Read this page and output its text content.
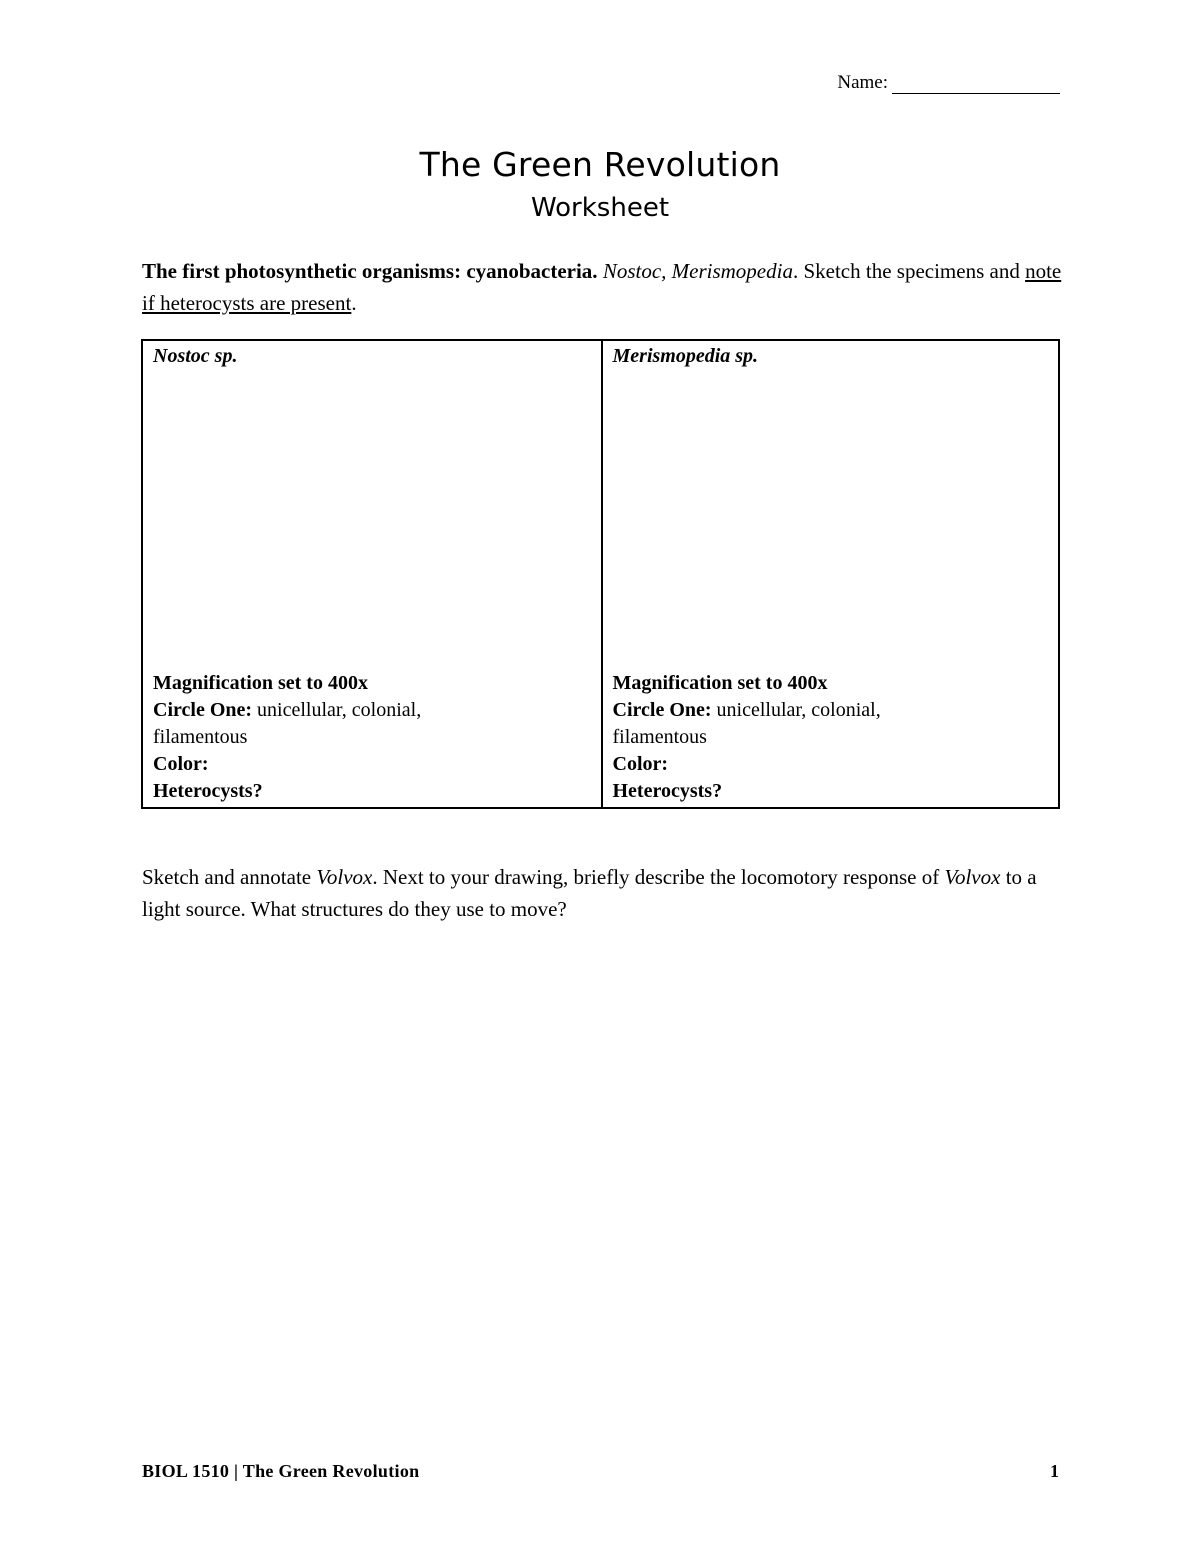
Name:
The Green Revolution
Worksheet
The first photosynthetic organisms: cyanobacteria. Nostoc, Merismopedia. Sketch the specimens and note if heterocysts are present.
Nostoc sp.
Magnification set to 400x
Circle One: unicellular, colonial,
filamentous
Color:
Heterocysts?
Merismopedia sp.
Magnification set to 400x
Circle One: unicellular, colonial,
filamentous
Color:
Heterocysts?
Sketch and annotate Volvox. Next to your drawing, briefly describe the locomotory response of Volvox to a light source. What structures do they use to move?
BIOL 1510 | The Green Revolution	1
